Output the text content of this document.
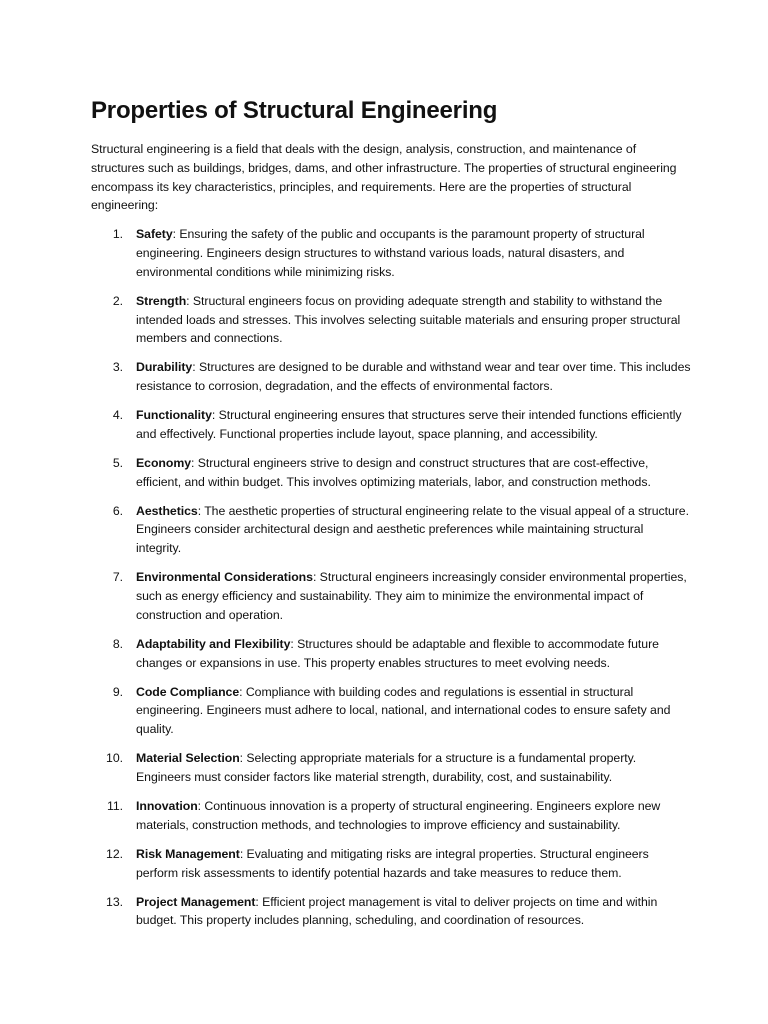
Properties of Structural Engineering

Structural engineering is a field that deals with the design, analysis, construction, and maintenance of structures such as buildings, bridges, dams, and other infrastructure. The properties of structural engineering encompass its key characteristics, principles, and requirements. Here are the properties of structural engineering:

1. Safety: Ensuring the safety of the public and occupants is the paramount property of structural engineering. Engineers design structures to withstand various loads, natural disasters, and environmental conditions while minimizing risks.
2. Strength: Structural engineers focus on providing adequate strength and stability to withstand the intended loads and stresses. This involves selecting suitable materials and ensuring proper structural members and connections.
3. Durability: Structures are designed to be durable and withstand wear and tear over time. This includes resistance to corrosion, degradation, and the effects of environmental factors.
4. Functionality: Structural engineering ensures that structures serve their intended functions efficiently and effectively. Functional properties include layout, space planning, and accessibility.
5. Economy: Structural engineers strive to design and construct structures that are cost-effective, efficient, and within budget. This involves optimizing materials, labor, and construction methods.
6. Aesthetics: The aesthetic properties of structural engineering relate to the visual appeal of a structure. Engineers consider architectural design and aesthetic preferences while maintaining structural integrity.
7. Environmental Considerations: Structural engineers increasingly consider environmental properties, such as energy efficiency and sustainability. They aim to minimize the environmental impact of construction and operation.
8. Adaptability and Flexibility: Structures should be adaptable and flexible to accommodate future changes or expansions in use. This property enables structures to meet evolving needs.
9. Code Compliance: Compliance with building codes and regulations is essential in structural engineering. Engineers must adhere to local, national, and international codes to ensure safety and quality.
10. Material Selection: Selecting appropriate materials for a structure is a fundamental property. Engineers must consider factors like material strength, durability, cost, and sustainability.
11. Innovation: Continuous innovation is a property of structural engineering. Engineers explore new materials, construction methods, and technologies to improve efficiency and sustainability.
12. Risk Management: Evaluating and mitigating risks are integral properties. Structural engineers perform risk assessments to identify potential hazards and take measures to reduce them.
13. Project Management: Efficient project management is vital to deliver projects on time and within budget. This property includes planning, scheduling, and coordination of resources.
